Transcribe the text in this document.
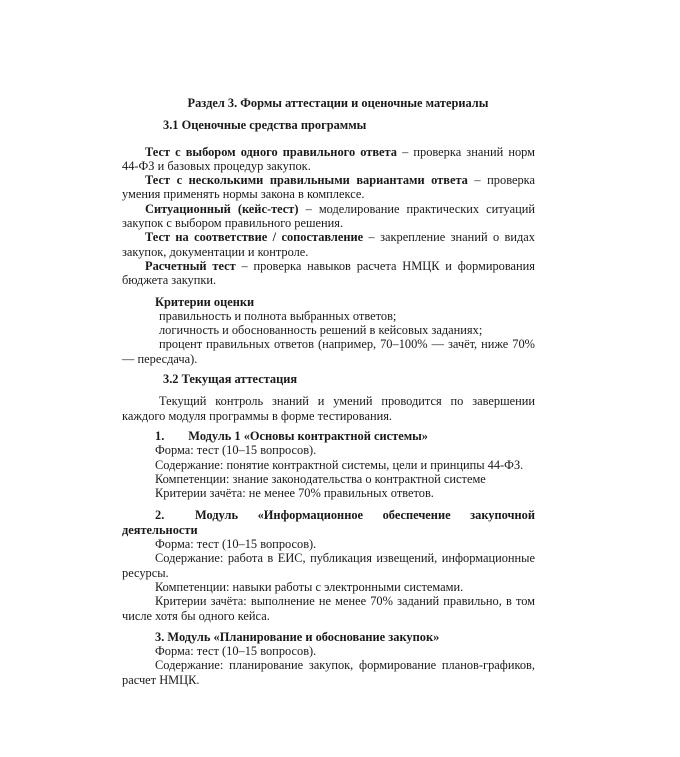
Раздел 3. Формы аттестации и оценочные материалы

3.1 Оценочные средства программы

Тест с выбором одного правильного ответа – проверка знаний норм 44-ФЗ и базовых процедур закупок.

Тест с несколькими правильными вариантами ответа – проверка умения применять нормы закона в комплексе.

Ситуационный (кейс-тест) – моделирование практических ситуаций закупок с выбором правильного решения.

Тест на соответствие / сопоставление – закрепление знаний о видах закупок, документации и контроле.

Расчетный тест – проверка навыков расчета НМЦК и формирования бюджета закупки.

Критерии оценки

правильность и полнота выбранных ответов;

логичность и обоснованность решений в кейсовых заданиях;

процент правильных ответов (например, 70–100% — зачёт, ниже 70% — пересдача).

3.2 Текущая аттестация

Текущий контроль знаний и умений проводится по завершении каждого модуля программы в форме тестирования.

1. Модуль 1 «Основы контрактной системы»

Форма: тест (10–15 вопросов).

Содержание: понятие контрактной системы, цели и принципы 44-ФЗ.

Компетенции: знание законодательства о контрактной системе

Критерии зачёта: не менее 70% правильных ответов.

2.	Модуль «Информационное обеспечение закупочной

деятельности

Форма: тест (10–15 вопросов).

Содержание: работа в ЕИС, публикация извещений, информационные ресурсы.

Компетенции: навыки работы с электронными системами.

Критерии зачёта: выполнение не менее 70% заданий правильно, в том числе хотя бы одного кейса.

3. Модуль «Планирование и обоснование закупок»

Форма: тест (10–15 вопросов).

Содержание: планирование закупок, формирование планов-графиков, расчет НМЦК.
